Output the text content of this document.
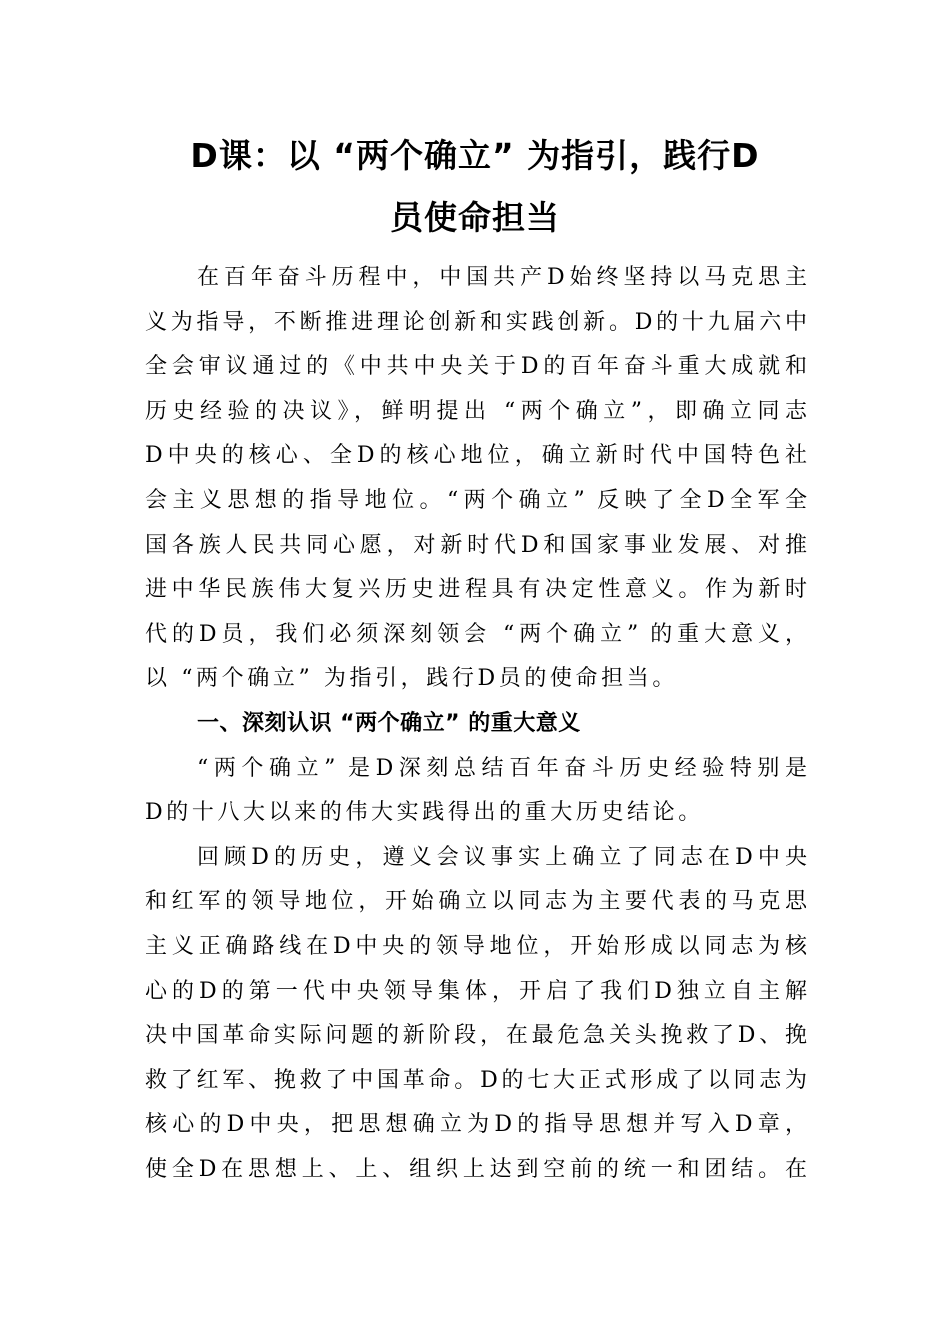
D课：以 “两个确立” 为指引，践行D
员使命担当
在百年奋斗历程中，中国共产D始终坚持以马克思主
义为指导，不断推进理论创新和实践创新。D的十九届六中
全会审议通过的《中共中央关于D的百年奋斗重大成就和
历史经验的决议》，鲜明提出 “两个确立”，即确立同志
D中央的核心、全D的核心地位，确立新时代中国特色社
会主义思想的指导地位。“两个确立” 反映了全D全军全
国各族人民共同心愿，对新时代D和国家事业发展、对推
进中华民族伟大复兴历史进程具有决定性意义。作为新时
代的D员，我们必须深刻领会 “两个确立” 的重大意义，
以 “两个确立” 为指引，践行D员的使命担当。
一、深刻认识 “两个确立” 的重大意义
“两个确立” 是D深刻总结百年奋斗历史经验特别是
D的十八大以来的伟大实践得出的重大历史结论。
回顾D的历史，遵义会议事实上确立了同志在D中央
和红军的领导地位，开始确立以同志为主要代表的马克思
主义正确路线在D中央的领导地位，开始形成以同志为核
心的D的第一代中央领导集体，开启了我们D独立自主解
决中国革命实际问题的新阶段，在最危急关头挽救了D、挽
救了红军、挽救了中国革命。D的七大正式形成了以同志为
核心的D中央，把思想确立为D的指导思想并写入D章，
使全D在思想上、上、组织上达到空前的统一和团结。在
